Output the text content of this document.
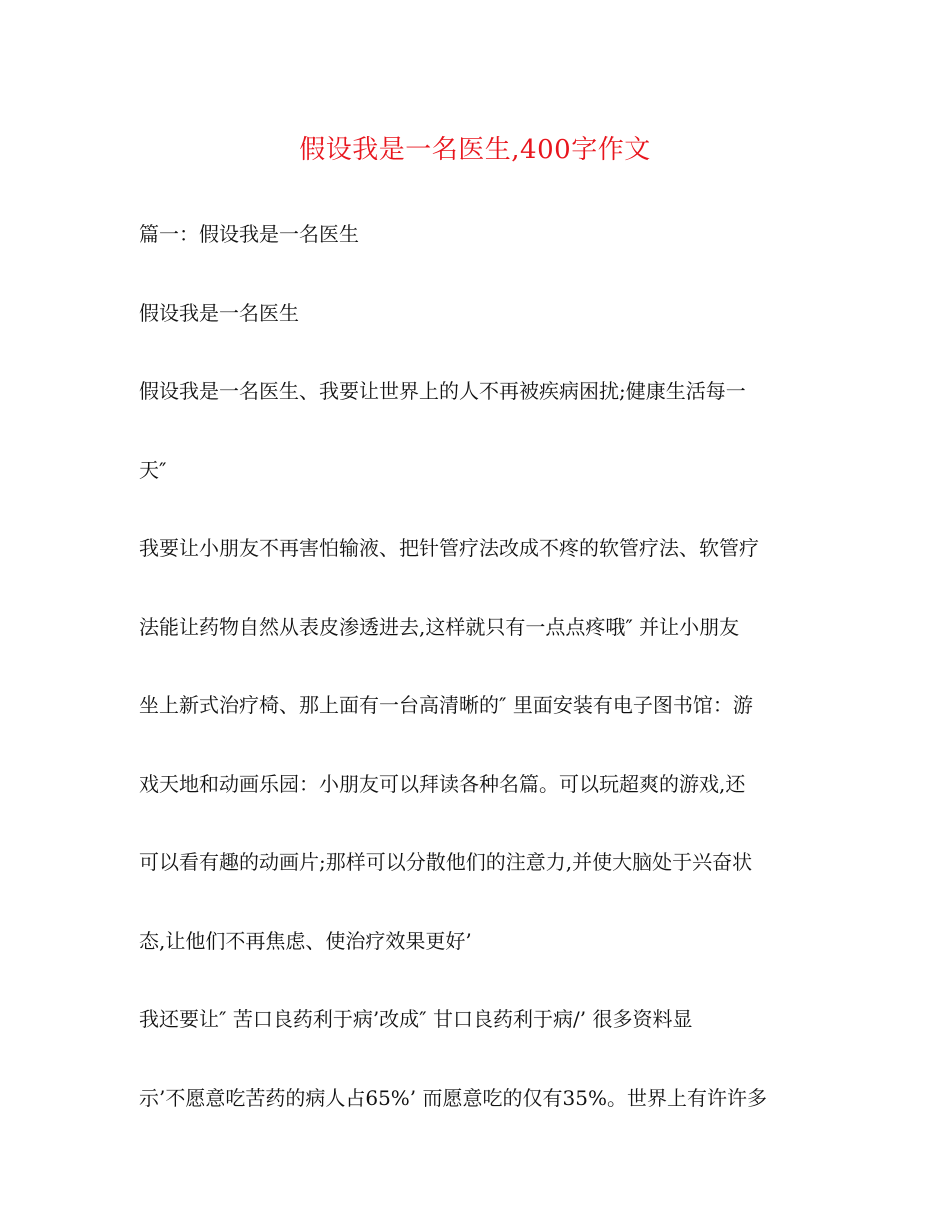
假设我是一名医生,400字作文
篇一：假设我是一名医生
假设我是一名医生
假设我是一名医生、我要让世界上的人不再被疾病困扰;健康生活每一
天″
我要让小朋友不再害怕输液、把针管疗法改成不疼的软管疗法、软管疗
法能让药物自然从表皮渗透进去,这样就只有一点点疼哦″ 并让小朋友
坐上新式治疗椅、那上面有一台高清晰的″ 里面安装有电子图书馆：游
戏天地和动画乐园：小朋友可以拜读各种名篇。可以玩超爽的游戏,还
可以看有趣的动画片;那样可以分散他们的注意力,并使大脑处于兴奋状
态,让他们不再焦虑、使治疗效果更好’
我还要让″ 苦口良药利于病’改成″ 甘口良药利于病/’ 很多资料显
示’不愿意吃苦药的病人占65%’ 而愿意吃的仅有35%。世界上有许许多
